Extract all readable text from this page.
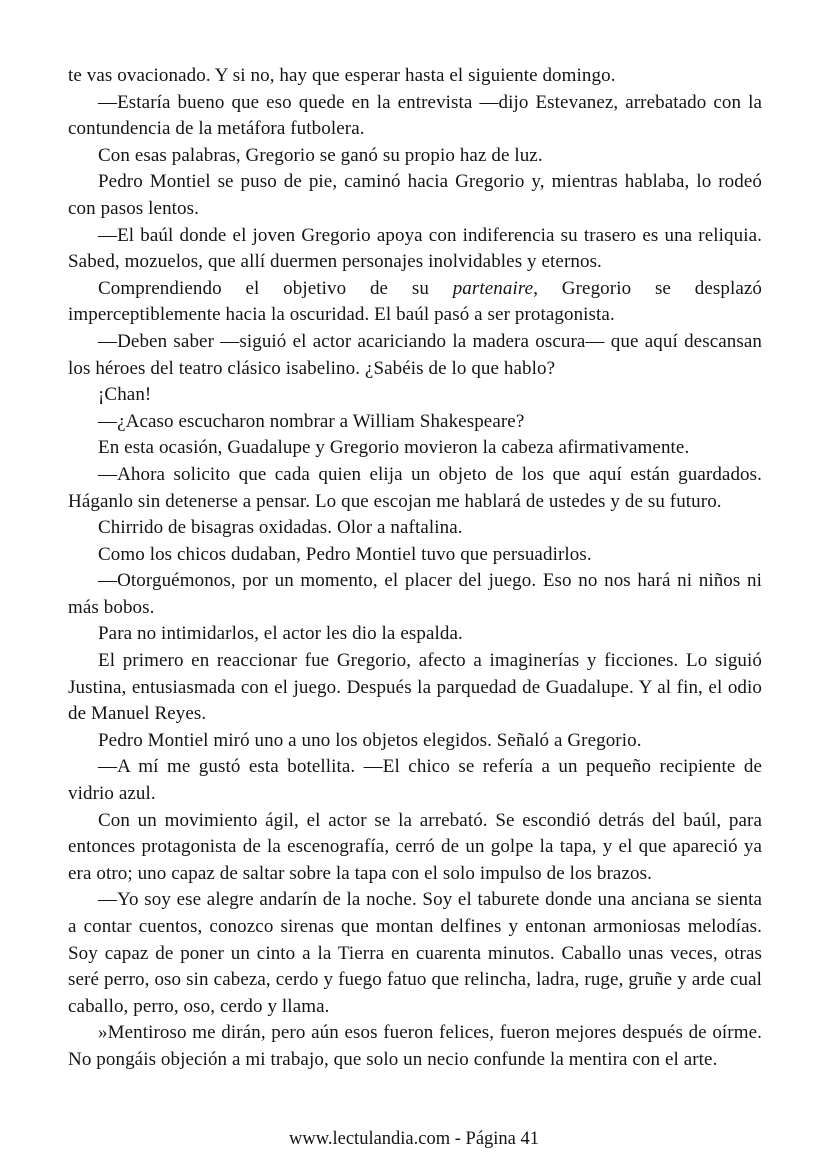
te vas ovacionado. Y si no, hay que esperar hasta el siguiente domingo.

—Estaría bueno que eso quede en la entrevista —dijo Estevanez, arrebatado con la contundencia de la metáfora futbolera.

Con esas palabras, Gregorio se ganó su propio haz de luz.

Pedro Montiel se puso de pie, caminó hacia Gregorio y, mientras hablaba, lo rodeó con pasos lentos.

—El baúl donde el joven Gregorio apoya con indiferencia su trasero es una reliquia. Sabed, mozuelos, que allí duermen personajes inolvidables y eternos.

Comprendiendo el objetivo de su partenaire, Gregorio se desplazó imperceptiblemente hacia la oscuridad. El baúl pasó a ser protagonista.

—Deben saber —siguió el actor acariciando la madera oscura— que aquí descansan los héroes del teatro clásico isabelino. ¿Sabéis de lo que hablo?

¡Chan!

—¿Acaso escucharon nombrar a William Shakespeare?

En esta ocasión, Guadalupe y Gregorio movieron la cabeza afirmativamente.

—Ahora solicito que cada quien elija un objeto de los que aquí están guardados. Háganlo sin detenerse a pensar. Lo que escojan me hablará de ustedes y de su futuro.

Chirrido de bisagras oxidadas. Olor a naftalina.

Como los chicos dudaban, Pedro Montiel tuvo que persuadirlos.

—Otorguémonos, por un momento, el placer del juego. Eso no nos hará ni niños ni más bobos.

Para no intimidarlos, el actor les dio la espalda.

El primero en reaccionar fue Gregorio, afecto a imaginerías y ficciones. Lo siguió Justina, entusiasmada con el juego. Después la parquedad de Guadalupe. Y al fin, el odio de Manuel Reyes.

Pedro Montiel miró uno a uno los objetos elegidos. Señaló a Gregorio.

—A mí me gustó esta botellita. —El chico se refería a un pequeño recipiente de vidrio azul.

Con un movimiento ágil, el actor se la arrebató. Se escondió detrás del baúl, para entonces protagonista de la escenografía, cerró de un golpe la tapa, y el que apareció ya era otro; uno capaz de saltar sobre la tapa con el solo impulso de los brazos.

—Yo soy ese alegre andarín de la noche. Soy el taburete donde una anciana se sienta a contar cuentos, conozco sirenas que montan delfines y entonan armoniosas melodías. Soy capaz de poner un cinto a la Tierra en cuarenta minutos. Caballo unas veces, otras seré perro, oso sin cabeza, cerdo y fuego fatuo que relincha, ladra, ruge, gruñe y arde cual caballo, perro, oso, cerdo y llama.

»Mentiroso me dirán, pero aún esos fueron felices, fueron mejores después de oírme. No pongáis objeción a mi trabajo, que solo un necio confunde la mentira con el arte.

www.lectulandia.com - Página 41
